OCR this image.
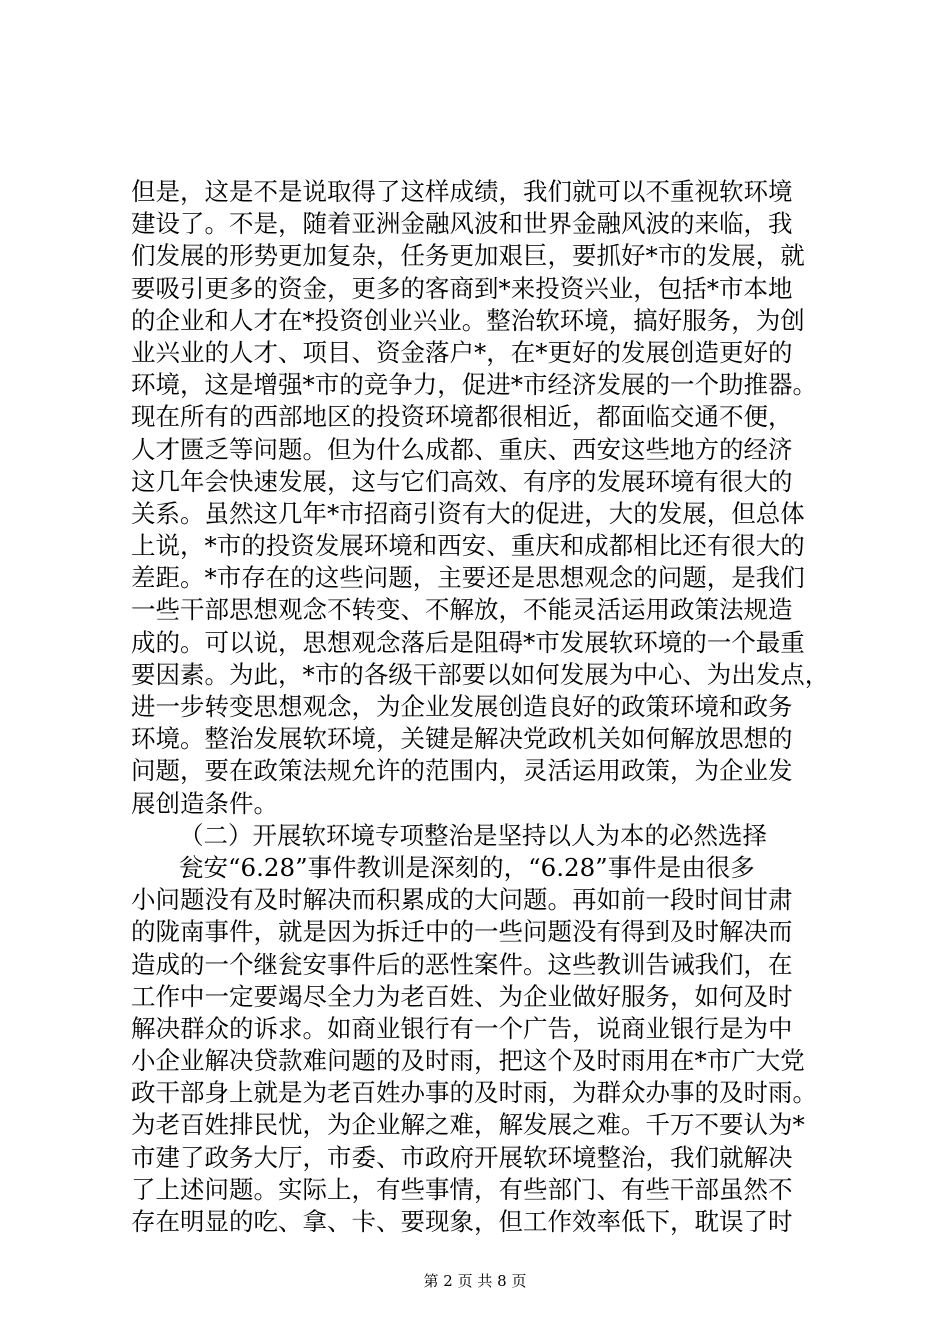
但是，这是不是说取得了这样成绩，我们就可以不重视软环境
建设了。不是，随着亚洲金融风波和世界金融风波的来临，我
们发展的形势更加复杂，任务更加艰巨，要抓好*市的发展，就
要吸引更多的资金，更多的客商到*来投资兴业，包括*市本地
的企业和人才在*投资创业兴业。整治软环境，搞好服务，为创
业兴业的人才、项目、资金落户*，在*更好的发展创造更好的
环境，这是增强*市的竞争力，促进*市经济发展的一个助推器。
现在所有的西部地区的投资环境都很相近，都面临交通不便，
人才匮乏等问题。但为什么成都、重庆、西安这些地方的经济
这几年会快速发展，这与它们高效、有序的发展环境有很大的
关系。虽然这几年*市招商引资有大的促进，大的发展，但总体
上说，*市的投资发展环境和西安、重庆和成都相比还有很大的
差距。*市存在的这些问题，主要还是思想观念的问题，是我们
一些干部思想观念不转变、不解放，不能灵活运用政策法规造
成的。可以说，思想观念落后是阻碍*市发展软环境的一个最重
要因素。为此，*市的各级干部要以如何发展为中心、为出发点，
进一步转变思想观念，为企业发展创造良好的政策环境和政务
环境。整治发展软环境，关键是解决党政机关如何解放思想的
问题，要在政策法规允许的范围内，灵活运用政策，为企业发
展创造条件。
（二）开展软环境专项整治是坚持以人为本的必然选择
瓮安“6.28”事件教训是深刻的，“6.28”事件是由很多
小问题没有及时解决而积累成的大问题。再如前一段时间甘肃
的陇南事件，就是因为拆迁中的一些问题没有得到及时解决而
造成的一个继瓮安事件后的恶性案件。这些教训告诫我们，在
工作中一定要竭尽全力为老百姓、为企业做好服务，如何及时
解决群众的诉求。如商业银行有一个广告，说商业银行是为中
小企业解决贷款难问题的及时雨，把这个及时雨用在*市广大党
政干部身上就是为老百姓办事的及时雨，为群众办事的及时雨。
为老百姓排民忧，为企业解之难，解发展之难。千万不要认为*
市建了政务大厅，市委、市政府开展软环境整治，我们就解决
了上述问题。实际上，有些事情，有些部门、有些干部虽然不
存在明显的吃、拿、卡、要现象，但工作效率低下，耽误了时
第 2 页 共 8 页
